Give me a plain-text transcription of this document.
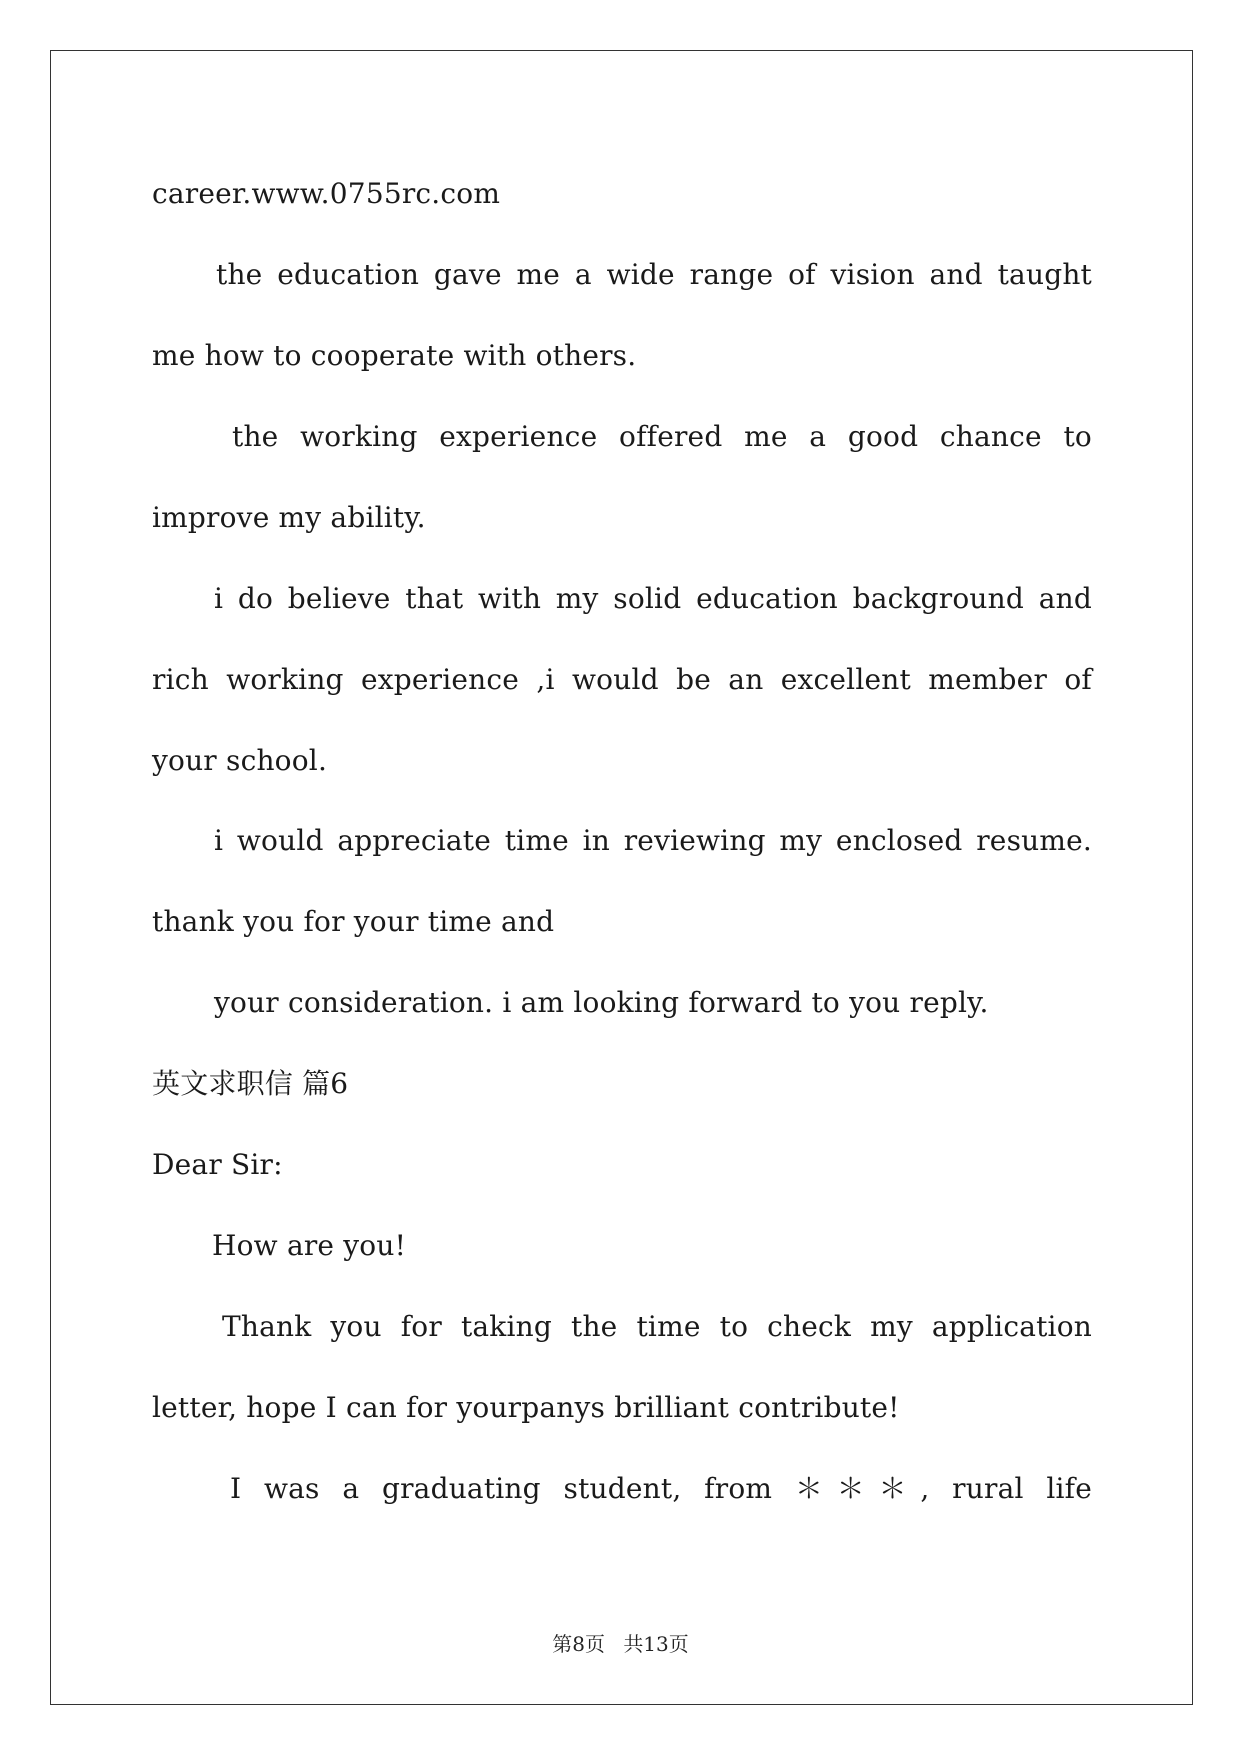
career.www.0755rc.com
the education gave me a wide range of vision and taught
me how to cooperate with others.
the working experience offered me a good chance to
improve my ability.
i do believe that with my solid education background and
rich working experience ,i would be an excellent member of
your school.
i would appreciate time in reviewing my enclosed resume.
thank you for your time and
your consideration. i am looking forward to you reply.
英文求职信 篇6
Dear Sir:
How are you!
Thank you for taking the time to check my application
letter, hope I can for yourpanys brilliant contribute!
I was a graduating student, from ＊＊＊, rural life
第8页 共13页
